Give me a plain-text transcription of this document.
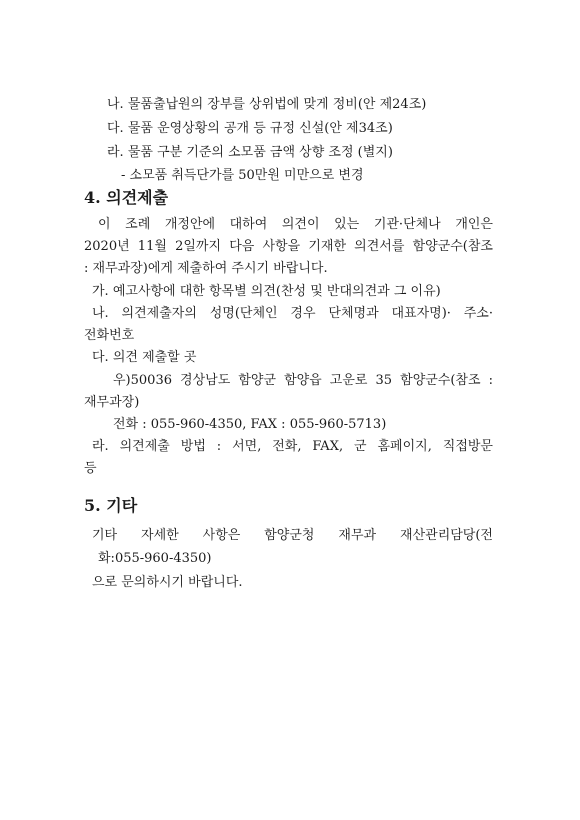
나. 물품출납원의 장부를 상위법에 맞게 정비(안 제24조)
다. 물품 운영상황의 공개 등 규정 신설(안 제34조)
라. 물품 구분 기준의 소모품 금액 상향 조정 (별지)
- 소모품 취득단가를 50만원 미만으로 변경
4. 의견제출
이 조례 개정안에 대하여 의견이 있는 기관·단체나 개인은
2020년 11월 2일까지 다음 사항을 기재한 의견서를 함양군수(참조
: 재무과장)에게 제출하여 주시기 바랍니다.
가. 예고사항에 대한 항목별 의견(찬성 및 반대의견과 그 이유)
나. 의견제출자의 성명(단체인 경우 단체명과 대표자명)· 주소·
전화번호
다. 의견 제출할 곳
우)50036 경상남도 함양군 함양읍 고운로 35 함양군수(참조 :
재무과장)
전화 : 055-960-4350, FAX : 055-960-5713)
라. 의견제출 방법 : 서면, 전화, FAX, 군 홈페이지, 직접방문
등
5. 기타
기타 자세한 사항은 함양군청 재무과 재산관리담당(전
화:055-960-4350)
으로 문의하시기 바랍니다.
